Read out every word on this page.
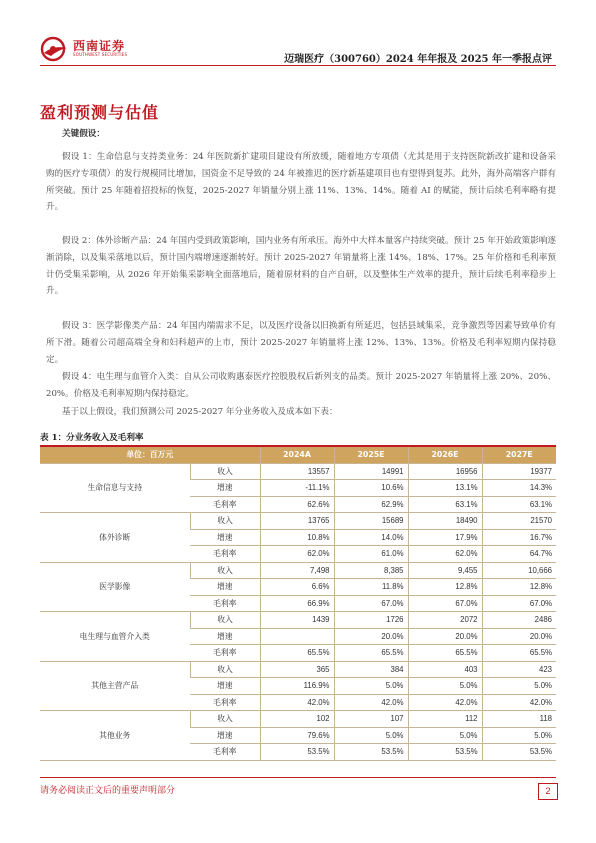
西南证券
SOUTHWEST SECURITIES	迈瑞医疗（300760）2024 年年报及 2025 年一季报点评
盈利预测与估值
关键假设：

假设 1：生命信息与支持类业务：24 年医院新扩建项目建设有所放缓，随着地方专项债（尤其是用于支持医院新改扩建和设备采购的医疗专项债）的发行规模同比增加，国资金不足导致的 24 年被推迟的医疗新基建项目也有望得到复苏。此外，海外高端客户群有所突破。预计 25 年随着招投标的恢复，2025-2027 年销量分别上涨 11%、13%、14%。随着 AI 的赋能，预计后续毛利率略有提升。

假设 2：体外诊断产品：24 年国内受到政策影响，国内业务有所承压。海外中大样本量客户持续突破。预计 25 年开始政策影响逐渐消除，以及集采落地以后，预计国内端增速逐渐转好。预计 2025-2027 年销量将上涨 14%、18%、17%。25 年价格和毛利率预计仍受集采影响，从 2026 年开始集采影响全面落地后，随着原材料的自产自研，以及整体生产效率的提升，预计后续毛利率稳步上升。

假设 3：医学影像类产品：24 年国内端需求不足，以及医疗设备以旧换新有所延迟，包括县域集采，竞争激烈等因素导致单价有所下滑。随着公司超高端全身和妇科超声的上市，预计 2025-2027 年销量将上涨 12%、13%、13%。价格及毛利率短期内保持稳定。

假设 4：电生理与血管介入类：自从公司收购惠泰医疗控股股权后新列支的品类。预计 2025-2027 年销量将上涨 20%、20%、20%。价格及毛利率短期内保持稳定。

基于以上假设，我们预测公司 2025-2027 年分业务收入及成本如下表：

表 1：分业务收入及毛利率
单位：百万元		2024A	2025E	2026E	2027E
生命信息与支持	收入	13557	14991	16956	19377
	增速	-11.1%	10.6%	13.1%	14.3%
	毛利率	62.6%	62.9%	63.1%	63.1%
体外诊断	收入	13765	15689	18490	21570
	增速	10.8%	14.0%	17.9%	16.7%
	毛利率	62.0%	61.0%	62.0%	64.7%
医学影像	收入	7,498	8,385	9,455	10,666
	增速	6.6%	11.8%	12.8%	12.8%
	毛利率	66.9%	67.0%	67.0%	67.0%
电生理与血管介入类	收入	1439	1726	2072	2486
	增速		20.0%	20.0%	20.0%
	毛利率	65.5%	65.5%	65.5%	65.5%
其他主营产品	收入	365	384	403	423
	增速	116.9%	5.0%	5.0%	5.0%
	毛利率	42.0%	42.0%	42.0%	42.0%
其他业务	收入	102	107	112	118
	增速	79.6%	5.0%	5.0%	5.0%
	毛利率	53.5%	53.5%	53.5%	53.5%
请务必阅读正文后的重要声明部分	2
